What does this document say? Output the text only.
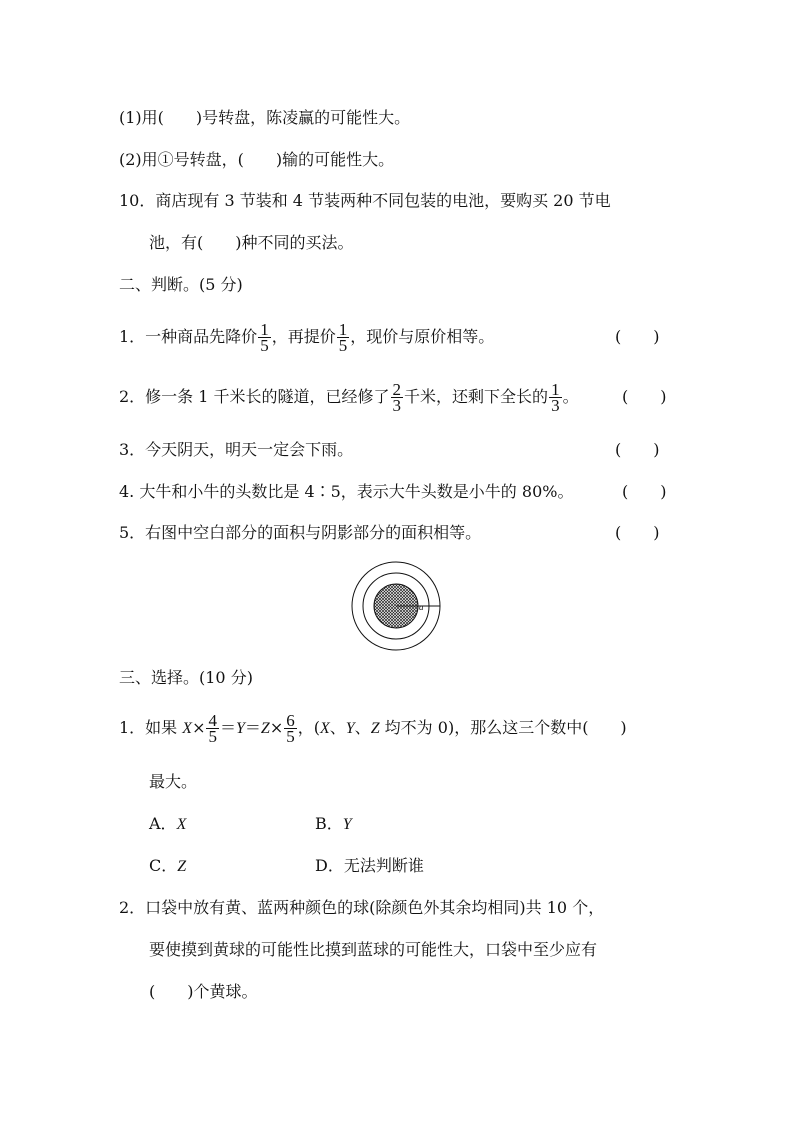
(1)用(　　)号转盘，陈凌赢的可能性大。
(2)用①号转盘，(　　)输的可能性大。
10．商店现有 3 节装和 4 节装两种不同包装的电池，要购买 20 节电
池，有(　　)种不同的买法。
二、判断。(5 分)
1．一种商品先降价 $\frac{1}{5}$ ，再提价 $\frac{1}{5}$ ，现价与原价相等。	(　　)
2．修一条 1 千米长的隧道，已经修了 $\frac{2}{3}$ 千米，还剩下全长的 $\frac{1}{3}$ 。	(　　)
3．今天阴天，明天一定会下雨。	(　　)
4. 大牛和小牛的头数比是 4∶5，表示大牛头数是小牛的 80%。	(　　)
5．右图中空白部分的面积与阴影部分的面积相等。	(　　)
a
三、选择。(10 分)
1．如果 $X\times \frac{4}{5} =Y=Z\times \frac{6}{5}$ ，(X、Y、Z 均不为 0)，那么这三个数中(　　)
最大。
A．X	B．Y
C．Z	D．无法判断谁
2．口袋中放有黄、蓝两种颜色的球(除颜色外其余均相同)共 10 个，
要使摸到黄球的可能性比摸到蓝球的可能性大，口袋中至少应有
(　　)个黄球。
